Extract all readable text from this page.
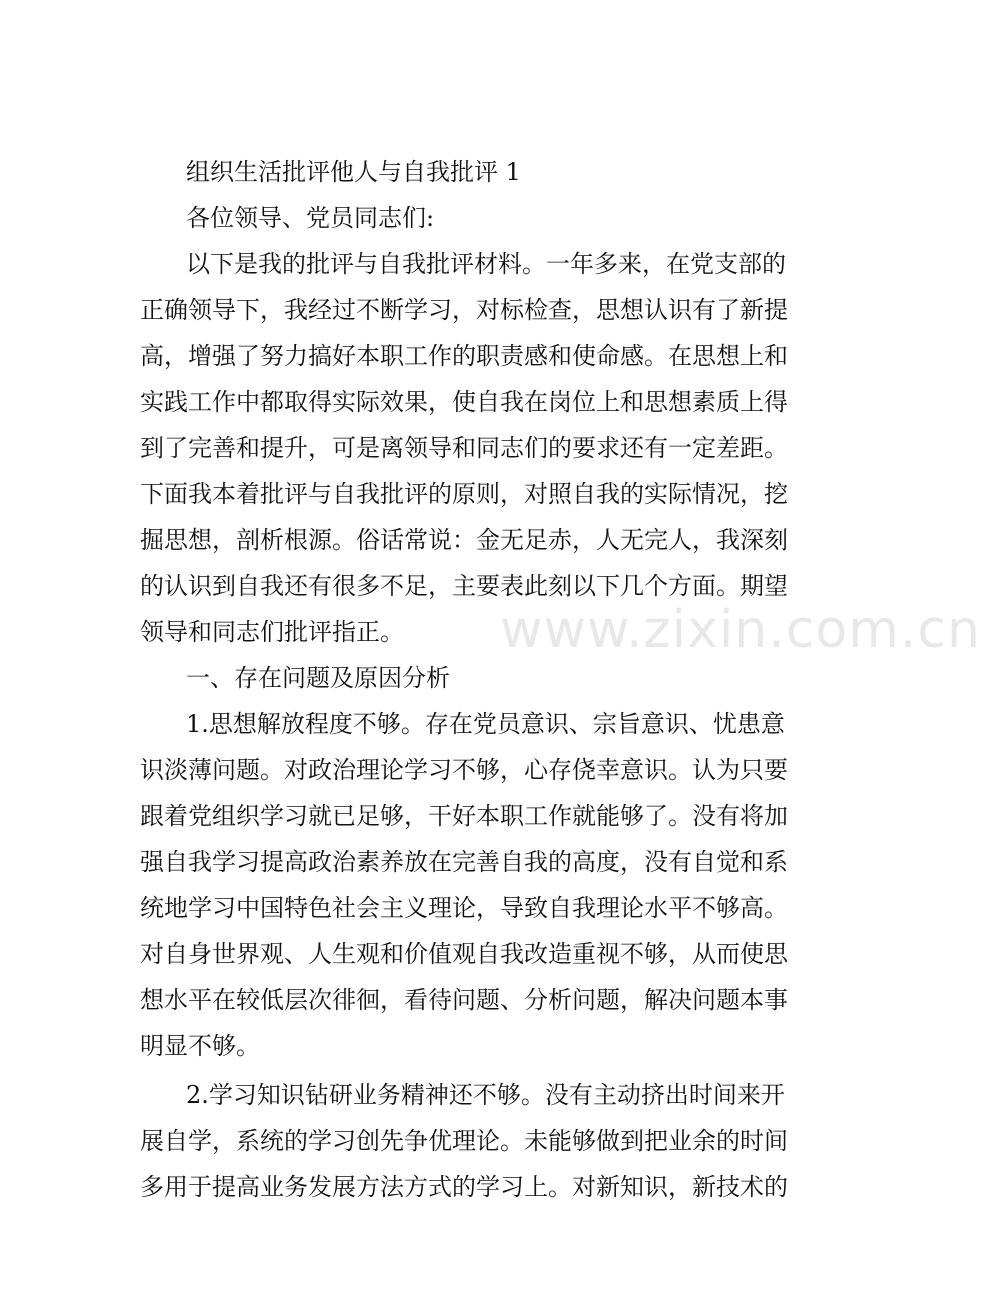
www.zixin.com.cn
组织生活批评他人与自我批评 1
各位领导、党员同志们:
以下是我的批评与自我批评材料。一年多来，在党支部的
正确领导下，我经过不断学习，对标检查，思想认识有了新提
高，增强了努力搞好本职工作的职责感和使命感。在思想上和
实践工作中都取得实际效果，使自我在岗位上和思想素质上得
到了完善和提升，可是离领导和同志们的要求还有一定差距。
下面我本着批评与自我批评的原则，对照自我的实际情况，挖
掘思想，剖析根源。俗话常说：金无足赤，人无完人，我深刻
的认识到自我还有很多不足，主要表此刻以下几个方面。期望
领导和同志们批评指正。
一、存在问题及原因分析
1.思想解放程度不够。存在党员意识、宗旨意识、忧患意
识淡薄问题。对政治理论学习不够，心存侥幸意识。认为只要
跟着党组织学习就已足够，干好本职工作就能够了。没有将加
强自我学习提高政治素养放在完善自我的高度，没有自觉和系
统地学习中国特色社会主义理论，导致自我理论水平不够高。
对自身世界观、人生观和价值观自我改造重视不够，从而使思
想水平在较低层次徘徊，看待问题、分析问题，解决问题本事
明显不够。
2.学习知识钻研业务精神还不够。没有主动挤出时间来开
展自学，系统的学习创先争优理论。未能够做到把业余的时间
多用于提高业务发展方法方式的学习上。对新知识，新技术的
